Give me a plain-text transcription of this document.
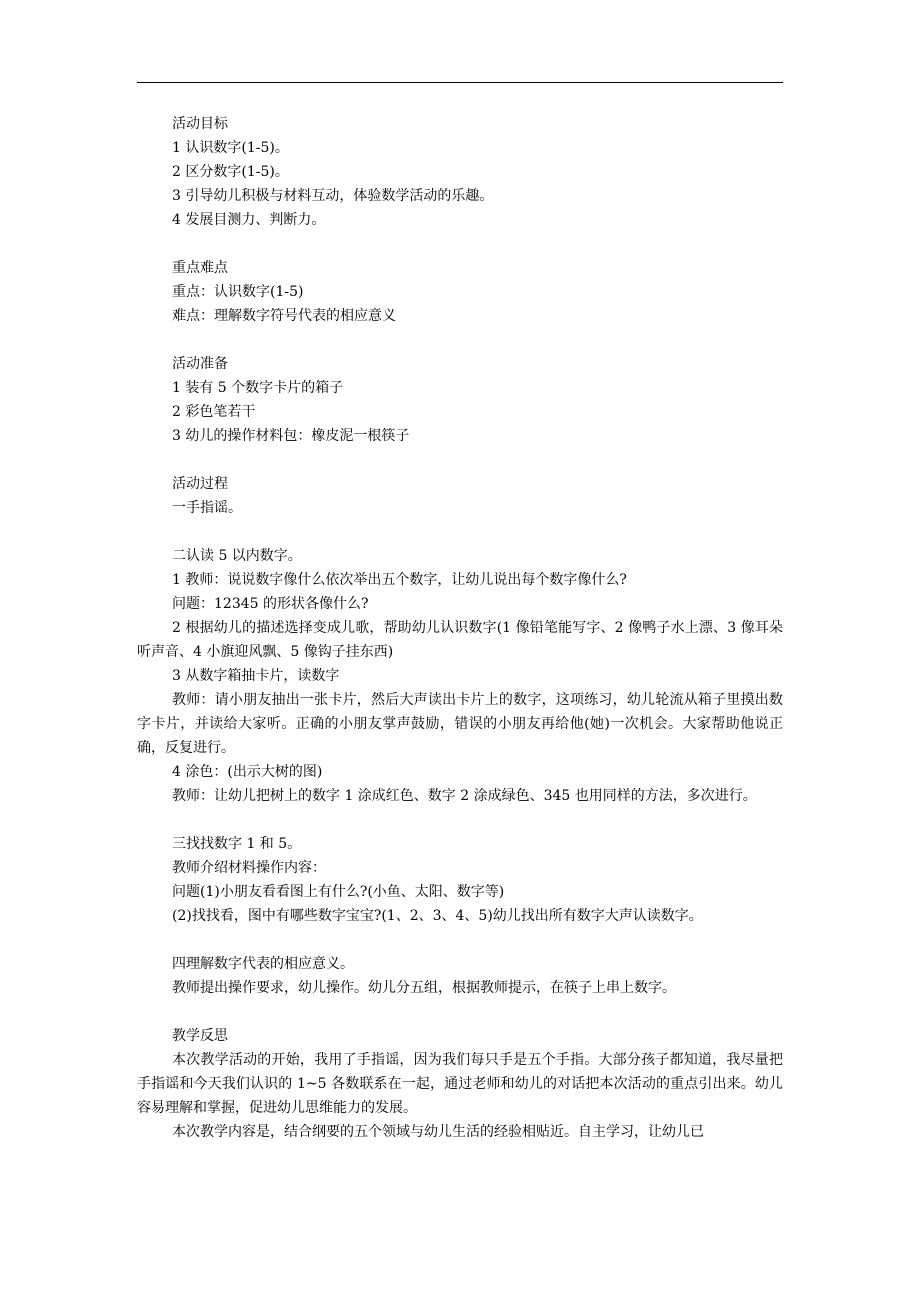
活动目标

1 认识数字(1-5)。

2 区分数字(1-5)。

3 引导幼儿积极与材料互动，体验数学活动的乐趣。

4 发展目测力、判断力。

重点难点

重点：认识数字(1-5)

难点：理解数字符号代表的相应意义

活动准备

1 装有 5 个数字卡片的箱子

2 彩色笔若干

3 幼儿的操作材料包：橡皮泥一根筷子

活动过程

一手指谣。

二认读 5 以内数字。

1 教师：说说数字像什么依次举出五个数字，让幼儿说出每个数字像什么?

问题：12345 的形状各像什么?

2 根据幼儿的描述选择变成儿歌，帮助幼儿认识数字(1 像铅笔能写字、2 像鸭子水上漂、3 像耳朵听声音、4 小旗迎风飘、5 像钩子挂东西)

3 从数字箱抽卡片，读数字

教师：请小朋友抽出一张卡片，然后大声读出卡片上的数字，这项练习，幼儿轮流从箱子里摸出数字卡片，并读给大家听。正确的小朋友掌声鼓励，错误的小朋友再给他(她)一次机会。大家帮助他说正确，反复进行。

4 涂色：(出示大树的图)

教师：让幼儿把树上的数字 1 涂成红色、数字 2 涂成绿色、345 也用同样的方法，多次进行。

三找找数字 1 和 5。

教师介绍材料操作内容：

问题(1)小朋友看看图上有什么?(小鱼、太阳、数字等)

(2)找找看，图中有哪些数字宝宝?(1、2、3、4、5)幼儿找出所有数字大声认读数字。

四理解数字代表的相应意义。

教师提出操作要求，幼儿操作。幼儿分五组，根据教师提示，在筷子上串上数字。

教学反思

本次教学活动的开始，我用了手指谣，因为我们每只手是五个手指。大部分孩子都知道，我尽量把手指谣和今天我们认识的 1~5 各数联系在一起，通过老师和幼儿的对话把本次活动的重点引出来。幼儿容易理解和掌握，促进幼儿思维能力的发展。

本次教学内容是，结合纲要的五个领域与幼儿生活的经验相贴近。自主学习，让幼儿已
